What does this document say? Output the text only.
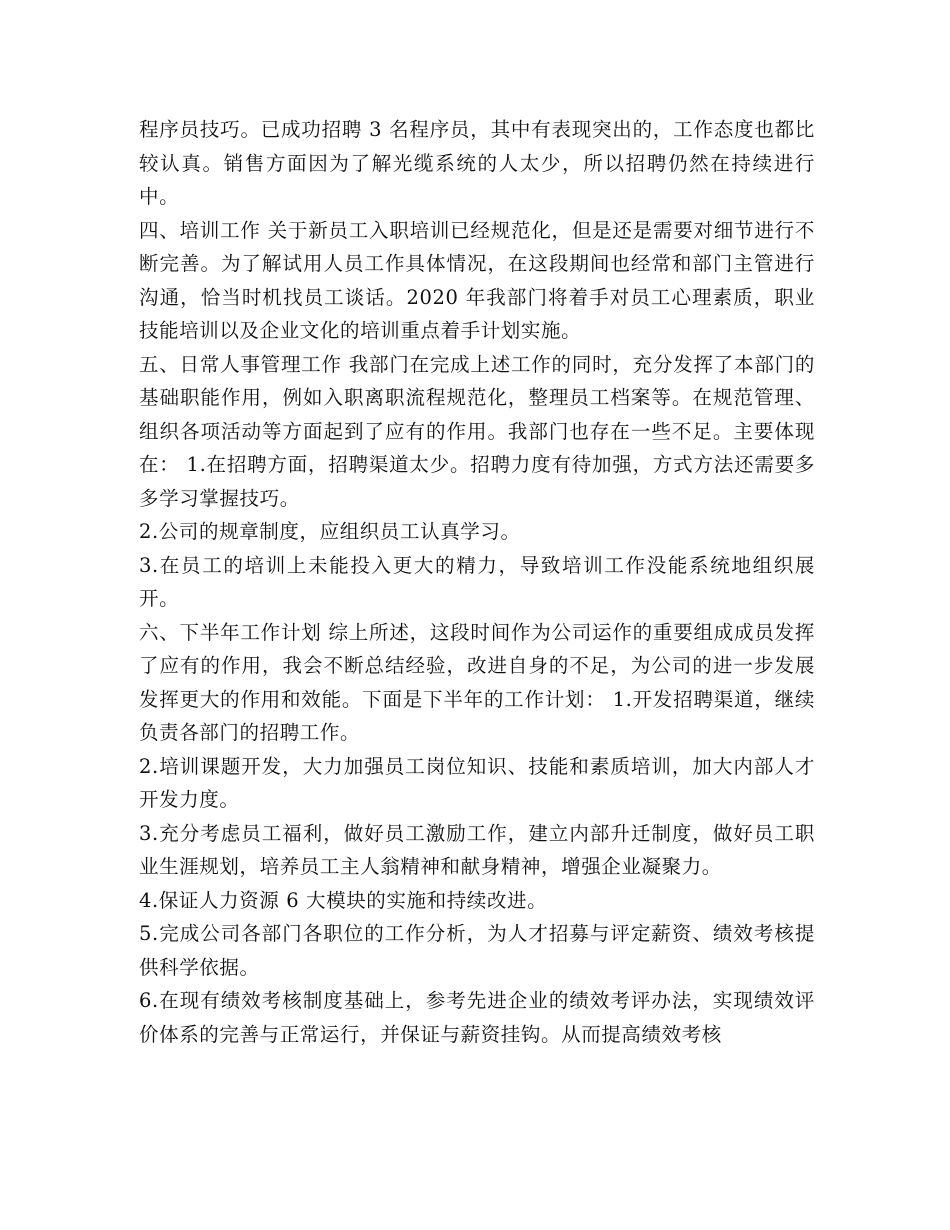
程序员技巧。已成功招聘 3 名程序员，其中有表现突出的，工作态度也都比较认真。销售方面因为了解光缆系统的人太少，所以招聘仍然在持续进行中。

四、培训工作 关于新员工入职培训已经规范化，但是还是需要对细节进行不断完善。为了解试用人员工作具体情况，在这段期间也经常和部门主管进行沟通，恰当时机找员工谈话。2020 年我部门将着手对员工心理素质，职业技能培训以及企业文化的培训重点着手计划实施。

五、日常人事管理工作 我部门在完成上述工作的同时，充分发挥了本部门的基础职能作用，例如入职离职流程规范化，整理员工档案等。在规范管理、组织各项活动等方面起到了应有的作用。我部门也存在一些不足。主要体现在： 1.在招聘方面，招聘渠道太少。招聘力度有待加强，方式方法还需要多多学习掌握技巧。

2.公司的规章制度，应组织员工认真学习。

3.在员工的培训上未能投入更大的精力，导致培训工作没能系统地组织展开。

六、下半年工作计划 综上所述，这段时间作为公司运作的重要组成成员发挥了应有的作用，我会不断总结经验，改进自身的不足，为公司的进一步发展发挥更大的作用和效能。下面是下半年的工作计划： 1.开发招聘渠道，继续负责各部门的招聘工作。

2.培训课题开发，大力加强员工岗位知识、技能和素质培训，加大内部人才开发力度。

3.充分考虑员工福利，做好员工激励工作，建立内部升迁制度，做好员工职业生涯规划，培养员工主人翁精神和献身精神，增强企业凝聚力。

4.保证人力资源 6 大模块的实施和持续改进。

5.完成公司各部门各职位的工作分析，为人才招募与评定薪资、绩效考核提供科学依据。

6.在现有绩效考核制度基础上，参考先进企业的绩效考评办法，实现绩效评价体系的完善与正常运行，并保证与薪资挂钩。从而提高绩效考核
